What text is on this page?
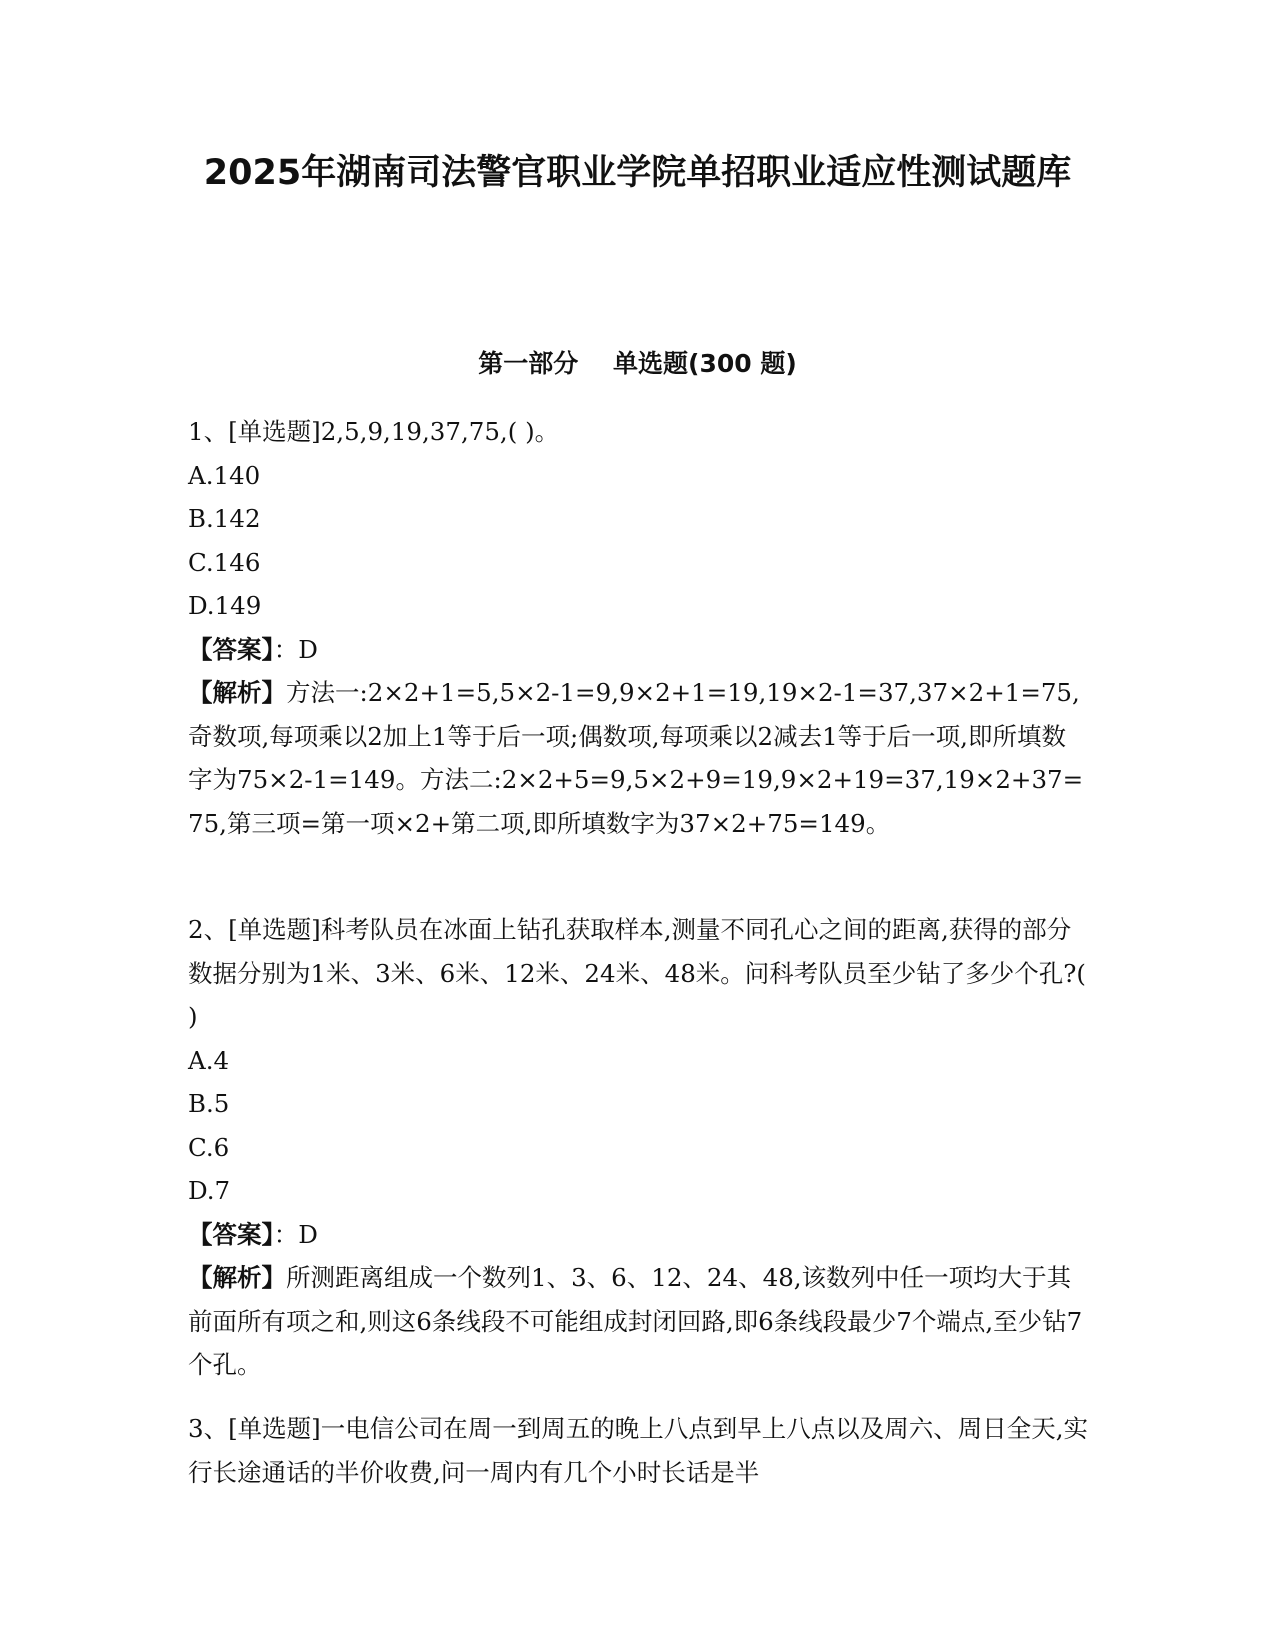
2025年湖南司法警官职业学院单招职业适应性测试题库
第一部分    单选题(300 题)
1、[单选题]2,5,9,19,37,75,( )。
A.140
B.142
C.146
D.149
【答案】：D
【解析】方法一:2×2+1=5,5×2-1=9,9×2+1=19,19×2-1=37,37×2+1=75,奇数项,每项乘以2加上1等于后一项;偶数项,每项乘以2减去1等于后一项,即所填数字为75×2-1=149。方法二:2×2+5=9,5×2+9=19,9×2+19=37,19×2+37=75,第三项=第一项×2+第二项,即所填数字为37×2+75=149。
2、[单选题]科考队员在冰面上钻孔获取样本,测量不同孔心之间的距离,获得的部分数据分别为1米、3米、6米、12米、24米、48米。问科考队员至少钻了多少个孔?( )
A.4
B.5
C.6
D.7
【答案】：D
【解析】所测距离组成一个数列1、3、6、12、24、48,该数列中任一项均大于其前面所有项之和,则这6条线段不可能组成封闭回路,即6条线段最少7个端点,至少钻7个孔。
3、[单选题]一电信公司在周一到周五的晚上八点到早上八点以及周六、周日全天,实行长途通话的半价收费,问一周内有几个小时长话是半
